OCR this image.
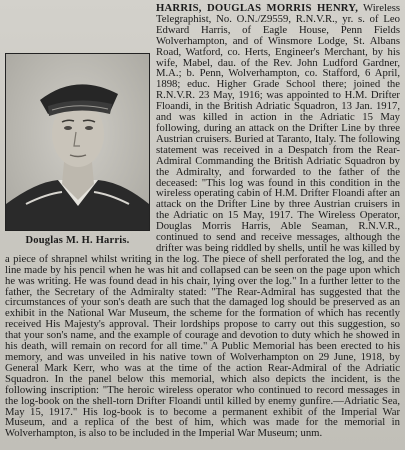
Douglas M. H. Harris.

HARRIS, DOUGLAS MORRIS HENRY, Wireless Telegraphist, No. O.N./Z9559, R.N.V.R., yr. s. of Leo Edward Harris, of Eagle House, Penn Fields Wolverhampton, and of Winsmore Lodge, St. Albans Road, Watford, co. Herts, Engineer's Merchant, by his wife, Mabel, dau. of the Rev. John Ludford Gardner, M.A.; b. Penn, Wolverhampton, co. Stafford, 6 April, 1898; educ. Higher Grade School there; joined the R.N.V.R. 23 May, 1916; was appointed to H.M. Drifter Floandi, in the British Adriatic Squadron, 13 Jan. 1917, and was killed in action in the Adriatic 15 May following, during an attack on the Drifter Line by three Austrian cruisers. Buried at Taranto, Italy. The following statement was received in a Despatch from the Rear-Admiral Commanding the British Adriatic Squadron by the Admiralty, and forwarded to the father of the deceased: "This log was found in this condition in the wireless operating cabin of H.M. Drifter Floandi after an attack on the Drifter Line by three Austrian cruisers in the Adriatic on 15 May, 1917. The Wireless Operator, Douglas Morris Harris, Able Seaman, R.N.V.R., continued to send and receive messages, although the drifter was being riddled by shells, until he was killed by a piece of shrapnel whilst writing in the log. The piece of shell perforated the log, and the line made by his pencil when he was hit and collapsed can be seen on the page upon which he was writing. He was found dead in his chair, lying over the log." In a further letter to the father, the Secretary of the Admiralty stated: "The Rear-Admiral has suggested that the circumstances of your son's death are such that the damaged log should be preserved as an exhibit in the National War Museum, the scheme for the formation of which has recently received His Majesty's approval. Their lordships propose to carry out this suggestion, so that your son's name, and the example of courage and devotion to duty which he showed in his death, will remain on record for all time." A Public Memorial has been erected to his memory, and was unveiled in his native town of Wolverhampton on 29 June, 1918, by General Mark Kerr, who was at the time of the action Rear-Admiral of the Adriatic Squadron. In the panel below this memorial, which also depicts the incident, is the following inscription: "The heroic wireless operator who continued to record messages in the log-book on the shell-torn Drifter Floandi until killed by enemy gunfire.—Adriatic Sea, May 15, 1917." His log-book is to become a permanent exhibit of the Imperial War Museum, and a replica of the best of him, which was made for the memorial in Wolverhampton, is also to be included in the Imperial War Museum; unm.
